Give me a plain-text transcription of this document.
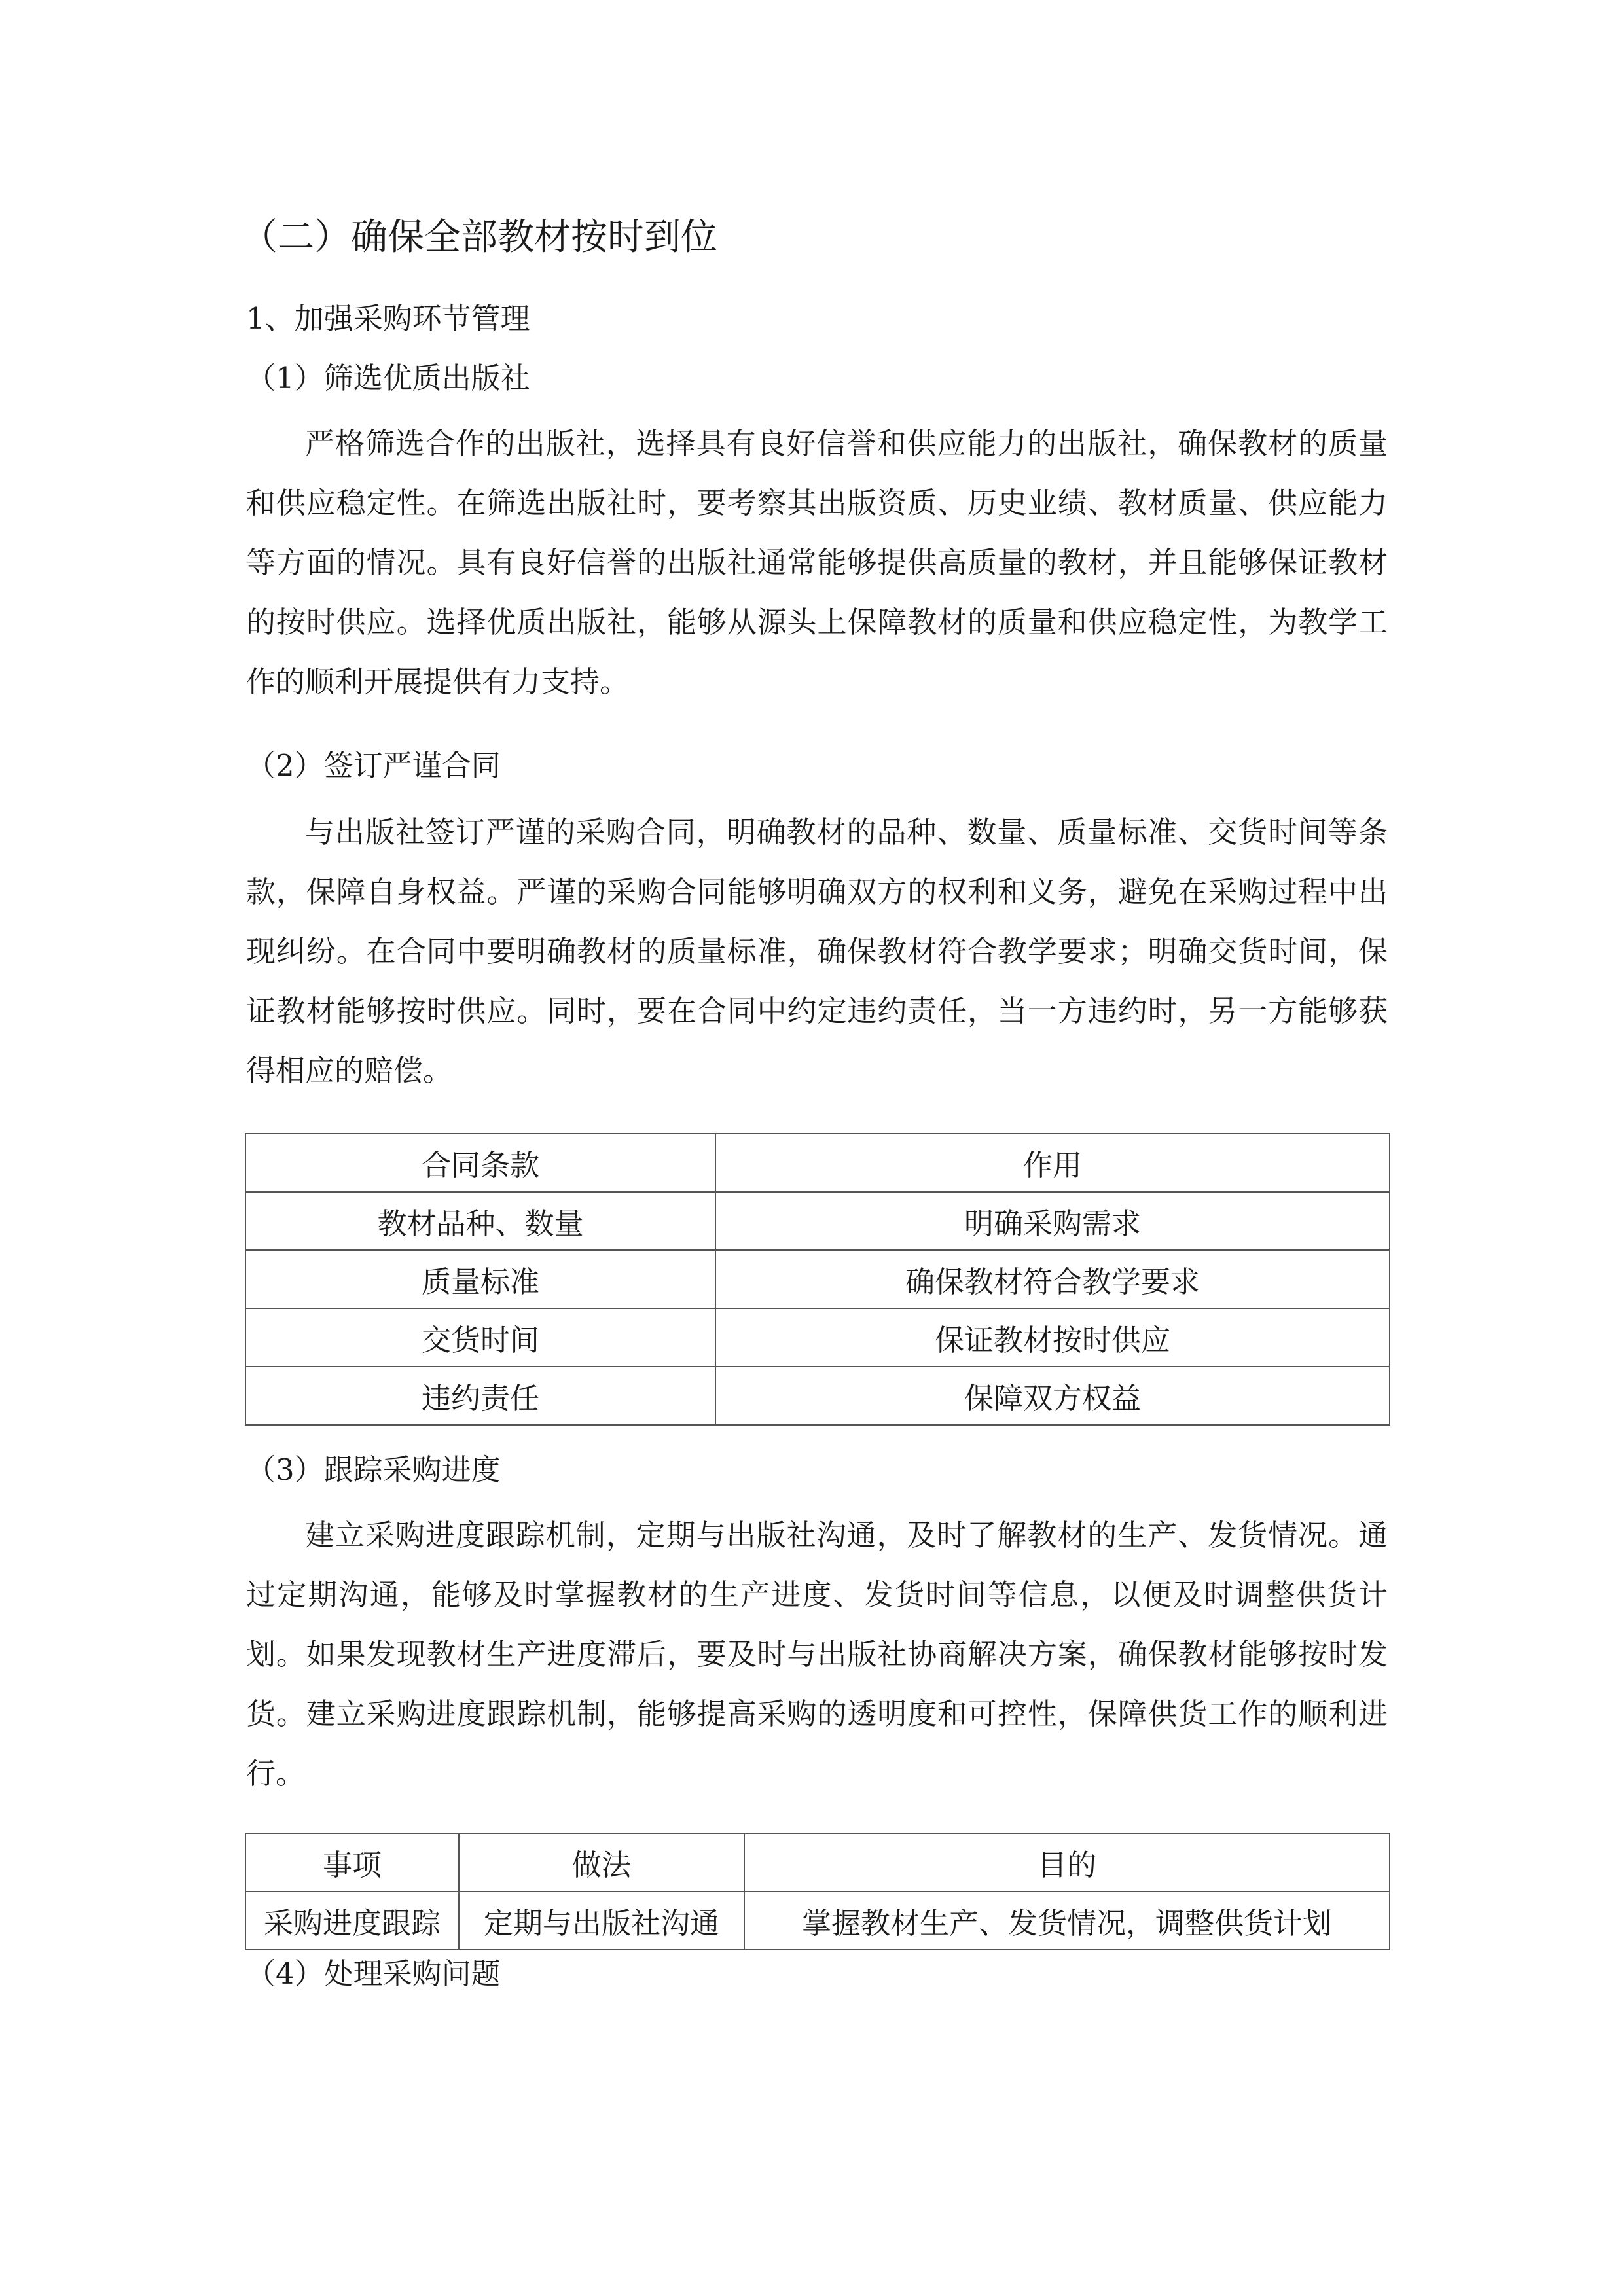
（二）确保全部教材按时到位
1、加强采购环节管理
（1）筛选优质出版社

严格筛选合作的出版社，选择具有良好信誉和供应能力的出版社，确保教材的质量和供应稳定性。在筛选出版社时，要考察其出版资质、历史业绩、教材质量、供应能力等方面的情况。具有良好信誉的出版社通常能够提供高质量的教材，并且能够保证教材的按时供应。选择优质出版社，能够从源头上保障教材的质量和供应稳定性，为教学工作的顺利开展提供有力支持。

（2）签订严谨合同

与出版社签订严谨的采购合同，明确教材的品种、数量、质量标准、交货时间等条款，保障自身权益。严谨的采购合同能够明确双方的权利和义务，避免在采购过程中出现纠纷。在合同中要明确教材的质量标准，确保教材符合教学要求；明确交货时间，保证教材能够按时供应。同时，要在合同中约定违约责任，当一方违约时，另一方能够获得相应的赔偿。

合同条款	作用
教材品种、数量	明确采购需求
质量标准	确保教材符合教学要求
交货时间	保证教材按时供应
违约责任	保障双方权益
（3）跟踪采购进度

建立采购进度跟踪机制，定期与出版社沟通，及时了解教材的生产、发货情况。通过定期沟通，能够及时掌握教材的生产进度、发货时间等信息，以便及时调整供货计划。如果发现教材生产进度滞后，要及时与出版社协商解决方案，确保教材能够按时发货。建立采购进度跟踪机制，能够提高采购的透明度和可控性，保障供货工作的顺利进行。

事项	做法	目的
采购进度跟踪	定期与出版社沟通	掌握教材生产、发货情况，调整供货计划
（4）处理采购问题
